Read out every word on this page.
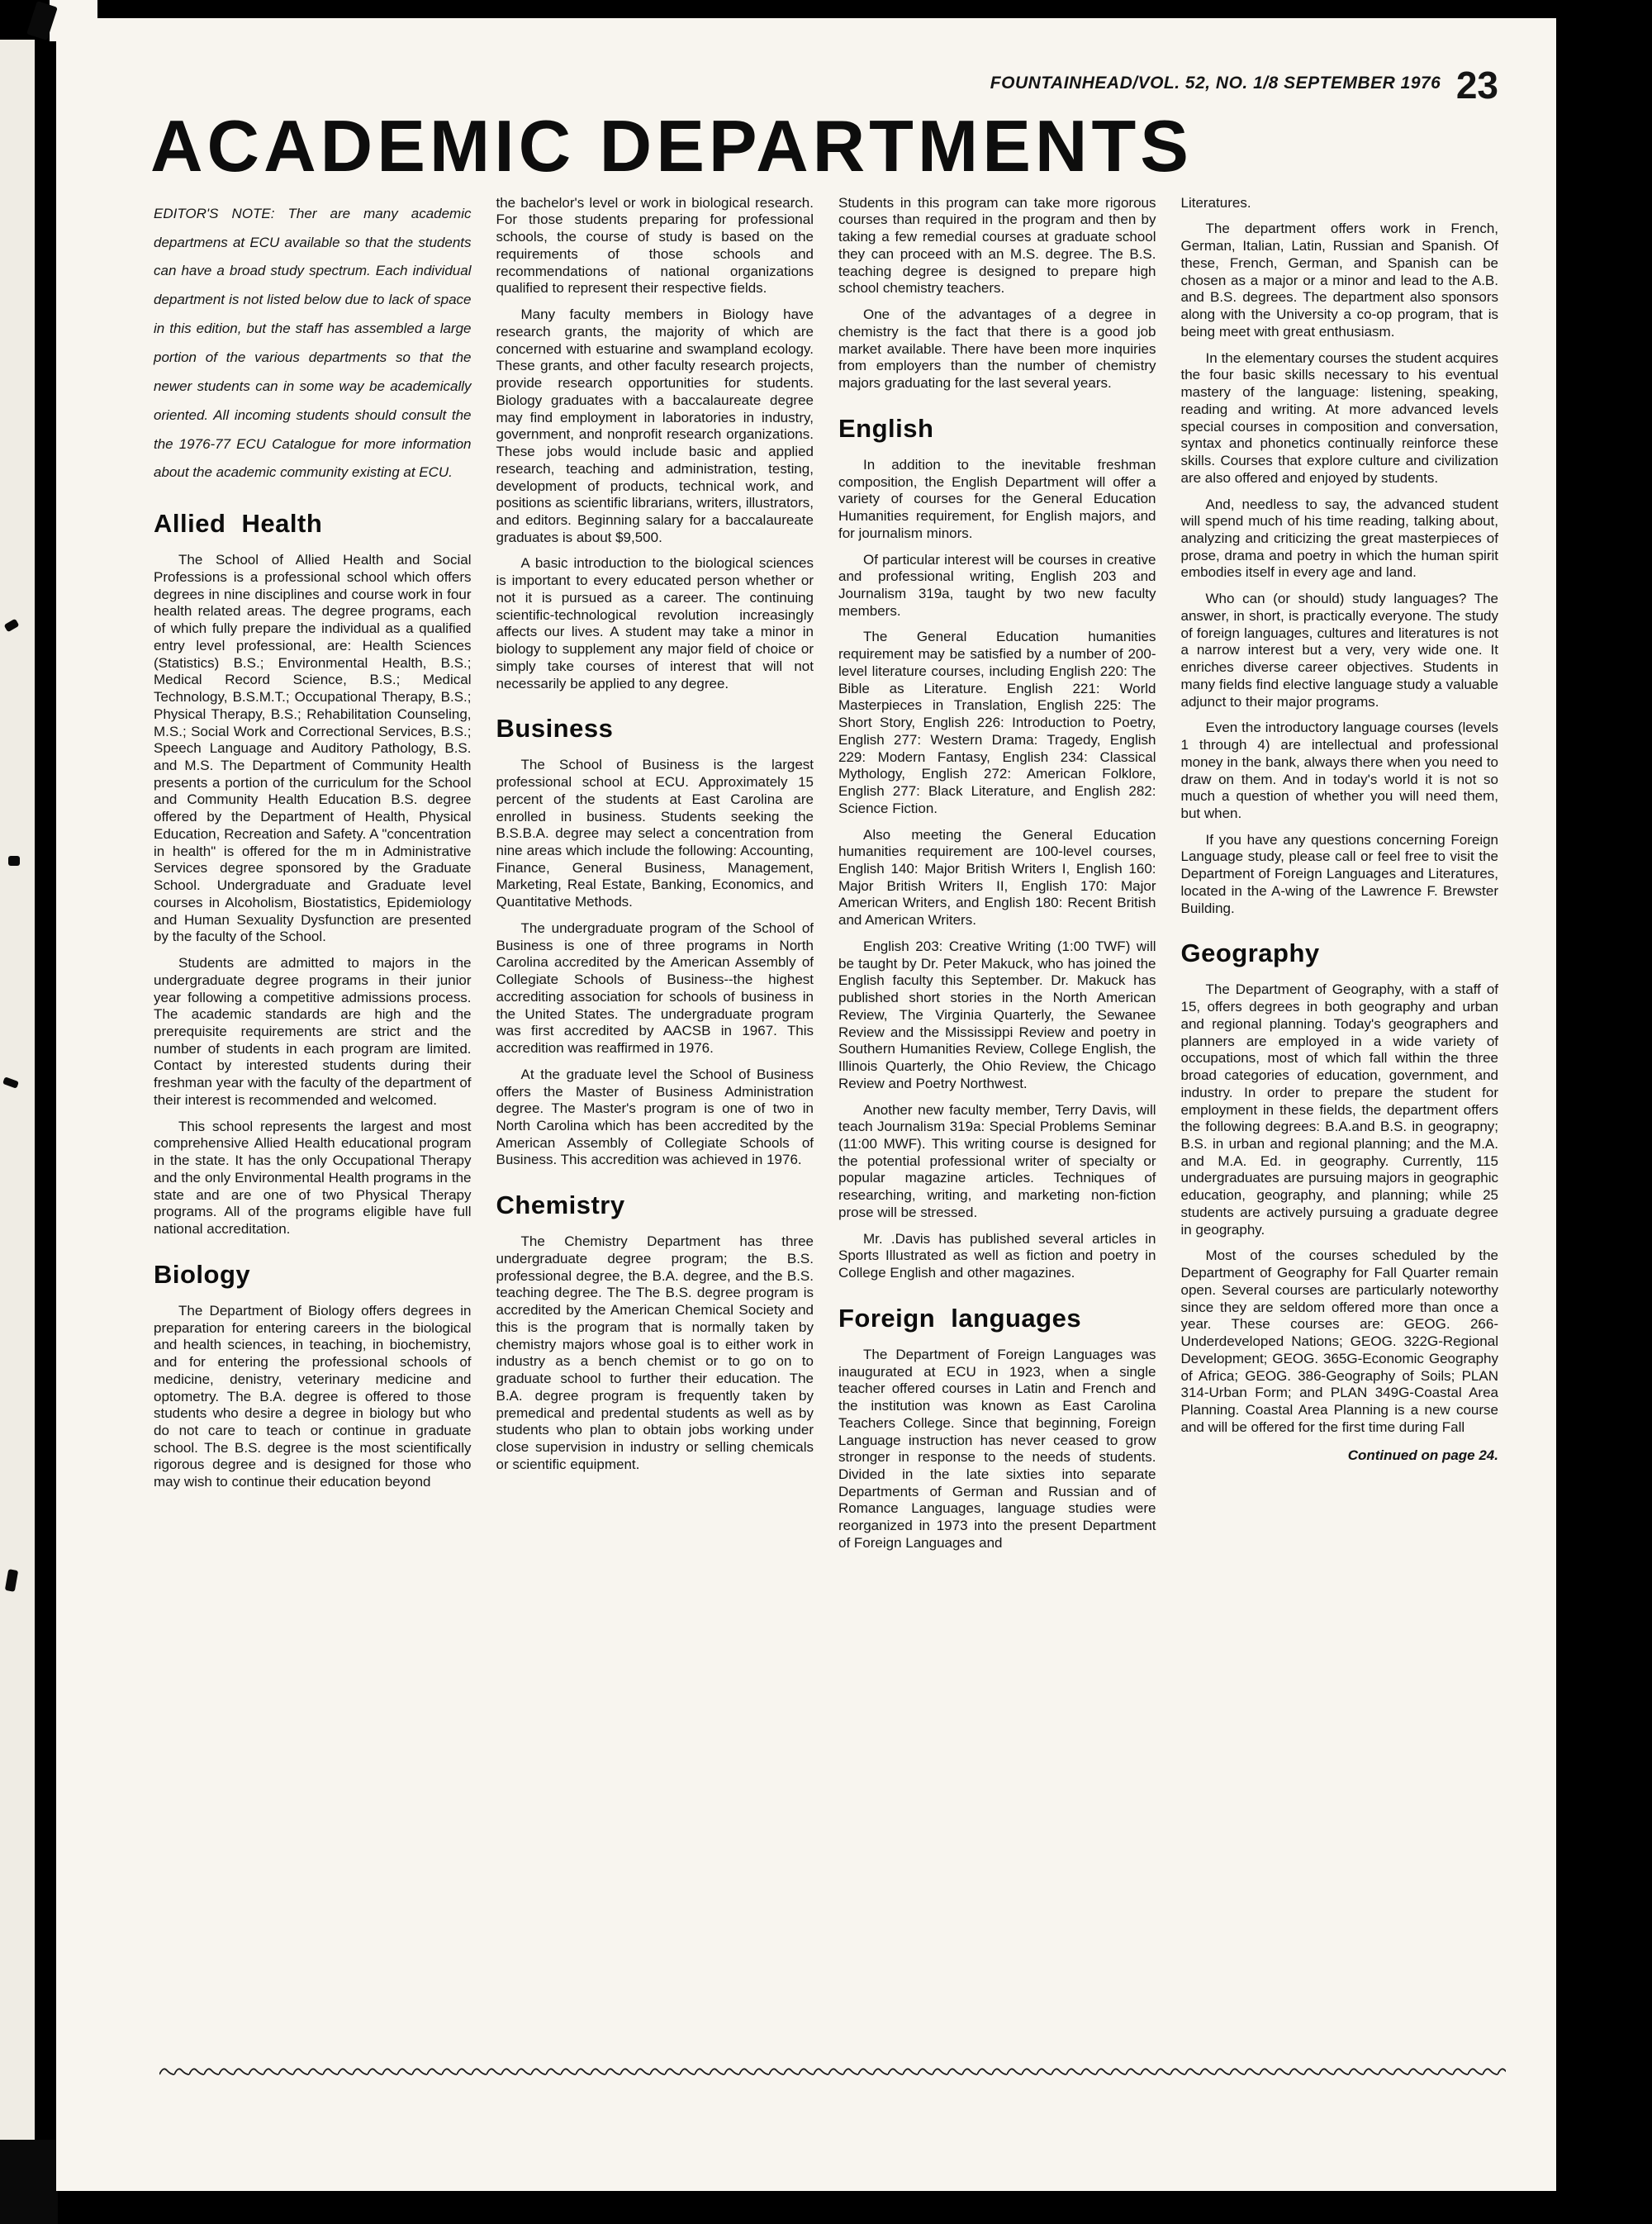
FOUNTAINHEAD/VOL. 52, NO. 1/8 SEPTEMBER 1976 23
ACADEMIC DEPARTMENTS
EDITOR'S NOTE: Ther are many academic departmens at ECU available so that the students can have a broad study spectrum. Each individual department is not listed below due to lack of space in this edition, but the staff has assembled a large portion of the various departments so that the newer students can in some way be academically oriented. All incoming students should consult the the 1976-77 ECU Catalogue for more information about the academic community existing at ECU.
Allied Health

The School of Allied Health and Social Professions is a professional school which offers degrees in nine disciplines and course work in four health related areas. The degree programs, each of which fully prepare the individual as a qualified entry level professional, are: Health Sciences (Statistics) B.S.; Environmental Health, B.S.; Medical Record Science, B.S.; Medical Technology, B.S.M.T.; Occupational Therapy, B.S.; Physical Therapy, B.S.; Rehabilitation Counseling, M.S.; Social Work and Correctional Services, B.S.; Speech Language and Auditory Pathology, B.S. and M.S. The Department of Community Health presents a portion of the curriculum for the School and Community Health Education B.S. degree offered by the Department of Health, Physical Education, Recreation and Safety. A "concentration in health" is offered for the m in Administrative Services degree sponsored by the Graduate School. Undergraduate and Graduate level courses in Alcoholism, Biostatistics, Epidemiology and Human Sexuality Dysfunction are presented by the faculty of the School.

Students are admitted to majors in the undergraduate degree programs in their junior year following a competitive admissions process. The academic standards are high and the prerequisite requirements are strict and the number of students in each program are limited. Contact by interested students during their freshman year with the faculty of the department of their interest is recommended and welcomed.

This school represents the largest and most comprehensive Allied Health educational program in the state. It has the only Occupational Therapy and the only Environmental Health programs in the state and are one of two Physical Therapy programs. All of the programs eligible have full national accreditation.

Biology

The Department of Biology offers degrees in preparation for entering careers in the biological and health sciences, in teaching, in biochemistry, and for entering the professional schools of medicine, denistry, veterinary medicine and optometry. The B.A. degree is offered to those students who desire a degree in biology but who do not care to teach or continue in graduate school. The B.S. degree is the most scientifically rigorous degree and is designed for those who may wish to continue their education beyond

the bachelor's level or work in biological research. For those students preparing for professional schools, the course of study is based on the requirements of those schools and recommendations of national organizations qualified to represent their respective fields.

Many faculty members in Biology have research grants, the majority of which are concerned with estuarine and swampland ecology. These grants, and other faculty research projects, provide research opportunities for students. Biology graduates with a baccalaureate degree may find employment in laboratories in industry, government, and nonprofit research organizations. These jobs would include basic and applied research, teaching and administration, testing, development of products, technical work, and positions as scientific librarians, writers, illustrators, and editors. Beginning salary for a baccalaureate graduates is about $9,500.

A basic introduction to the biological sciences is important to every educated person whether or not it is pursued as a career. The continuing scientific-technological revolution increasingly affects our lives. A student may take a minor in biology to supplement any major field of choice or simply take courses of interest that will not necessarily be applied to any degree.

Business

The School of Business is the largest professional school at ECU. Approximately 15 percent of the students at East Carolina are enrolled in business. Students seeking the B.S.B.A. degree may select a concentration from nine areas which include the following: Accounting, Finance, General Business, Management, Marketing, Real Estate, Banking, Economics, and Quantitative Methods.

The undergraduate program of the School of Business is one of three programs in North Carolina accredited by the American Assembly of Collegiate Schools of Business--the highest accrediting association for schools of business in the United States. The undergraduate program was first accredited by AACSB in 1967. This accredition was reaffirmed in 1976.

At the graduate level the School of Business offers the Master of Business Administration degree. The Master's program is one of two in North Carolina which has been accredited by the American Assembly of Collegiate Schools of Business. This accredition was achieved in 1976.

Chemistry

The Chemistry Department has three undergraduate degree program; the B.S. professional degree, the B.A. degree, and the B.S. teaching degree. The The B.S. degree program is accredited by the American Chemical Society and this is the program that is normally taken by chemistry majors whose goal is to either work in industry as a bench chemist or to go on to graduate school to further their education. The B.A. degree program is frequently taken by premedical and predental students as well as by students who plan to obtain jobs working under close supervision in industry or selling chemicals or scientific equipment.

Students in this program can take more rigorous courses than required in the program and then by taking a few remedial courses at graduate school they can proceed with an M.S. degree. The B.S. teaching degree is designed to prepare high school chemistry teachers.

One of the advantages of a degree in chemistry is the fact that there is a good job market available. There have been more inquiries from employers than the number of chemistry majors graduating for the last several years.

English

In addition to the inevitable freshman composition, the English Department will offer a variety of courses for the General Education Humanities requirement, for English majors, and for journalism minors.

Of particular interest will be courses in creative and professional writing, English 203 and Journalism 319a, taught by two new faculty members.

The General Education humanities requirement may be satisfied by a number of 200-level literature courses, including English 220: The Bible as Literature. English 221: World Masterpieces in Translation, English 225: The Short Story, English 226: Introduction to Poetry, English 277: Western Drama: Tragedy, English 229: Modern Fantasy, English 234: Classical Mythology, English 272: American Folklore, English 277: Black Literature, and English 282: Science Fiction.

Also meeting the General Education humanities requirement are 100-level courses, English 140: Major British Writers I, English 160: Major British Writers II, English 170: Major American Writers, and English 180: Recent British and American Writers.

English 203: Creative Writing (1:00 TWF) will be taught by Dr. Peter Makuck, who has joined the English faculty this September. Dr. Makuck has published short stories in the North American Review, The Virginia Quarterly, the Sewanee Review and the Mississippi Review and poetry in Southern Humanities Review, College English, the Illinois Quarterly, the Ohio Review, the Chicago Review and Poetry Northwest.

Another new faculty member, Terry Davis, will teach Journalism 319a: Special Problems Seminar (11:00 MWF). This writing course is designed for the potential professional writer of specialty or popular magazine articles. Techniques of researching, writing, and marketing non-fiction prose will be stressed.

Mr. .Davis has published several articles in Sports Illustrated as well as fiction and poetry in College English and other magazines.

Foreign languages

The Department of Foreign Languages was inaugurated at ECU in 1923, when a single teacher offered courses in Latin and French and the institution was known as East Carolina Teachers College. Since that beginning, Foreign Language instruction has never ceased to grow stronger in response to the needs of students. Divided in the late sixties into separate Departments of German and Russian and of Romance Languages, language studies were reorganized in 1973 into the present Department of Foreign Languages and

Literatures.

The department offers work in French, German, Italian, Latin, Russian and Spanish. Of these, French, German, and Spanish can be chosen as a major or a minor and lead to the A.B. and B.S. degrees. The department also sponsors along with the University a co-op program, that is being meet with great enthusiasm.

In the elementary courses the student acquires the four basic skills necessary to his eventual mastery of the language: listening, speaking, reading and writing. At more advanced levels special courses in composition and conversation, syntax and phonetics continually reinforce these skills. Courses that explore culture and civilization are also offered and enjoyed by students.

And, needless to say, the advanced student will spend much of his time reading, talking about, analyzing and criticizing the great masterpieces of prose, drama and poetry in which the human spirit embodies itself in every age and land.

Who can (or should) study languages? The answer, in short, is practically everyone. The study of foreign languages, cultures and literatures is not a narrow interest but a very, very wide one. It enriches diverse career objectives. Students in many fields find elective language study a valuable adjunct to their major programs.

Even the introductory language courses (levels 1 through 4) are intellectual and professional money in the bank, always there when you need to draw on them. And in today's world it is not so much a question of whether you will need them, but when.

If you have any questions concerning Foreign Language study, please call or feel free to visit the Department of Foreign Languages and Literatures, located in the A-wing of the Lawrence F. Brewster Building.

Geography

The Department of Geography, with a staff of 15, offers degrees in both geography and urban and regional planning. Today's geographers and planners are employed in a wide variety of occupations, most of which fall within the three broad categories of education, government, and industry. In order to prepare the student for employment in these fields, the department offers the following degrees: B.A.and B.S. in geograpny; B.S. in urban and regional planning; and the M.A. and M.A. Ed. in geography. Currently, 115 undergraduates are pursuing majors in geographic education, geography, and planning; while 25 students are actively pursuing a graduate degree in geography.

Most of the courses scheduled by the Department of Geography for Fall Quarter remain open. Several courses are particularly noteworthy since they are seldom offered more than once a year. These courses are: GEOG. 266-Underdeveloped Nations; GEOG. 322G-Regional Development; GEOG. 365G-Economic Geography of Africa; GEOG. 386-Geography of Soils; PLAN 314-Urban Form; and PLAN 349G-Coastal Area Planning. Coastal Area Planning is a new course and will be offered for the first time during Fall

Continued on page 24.
